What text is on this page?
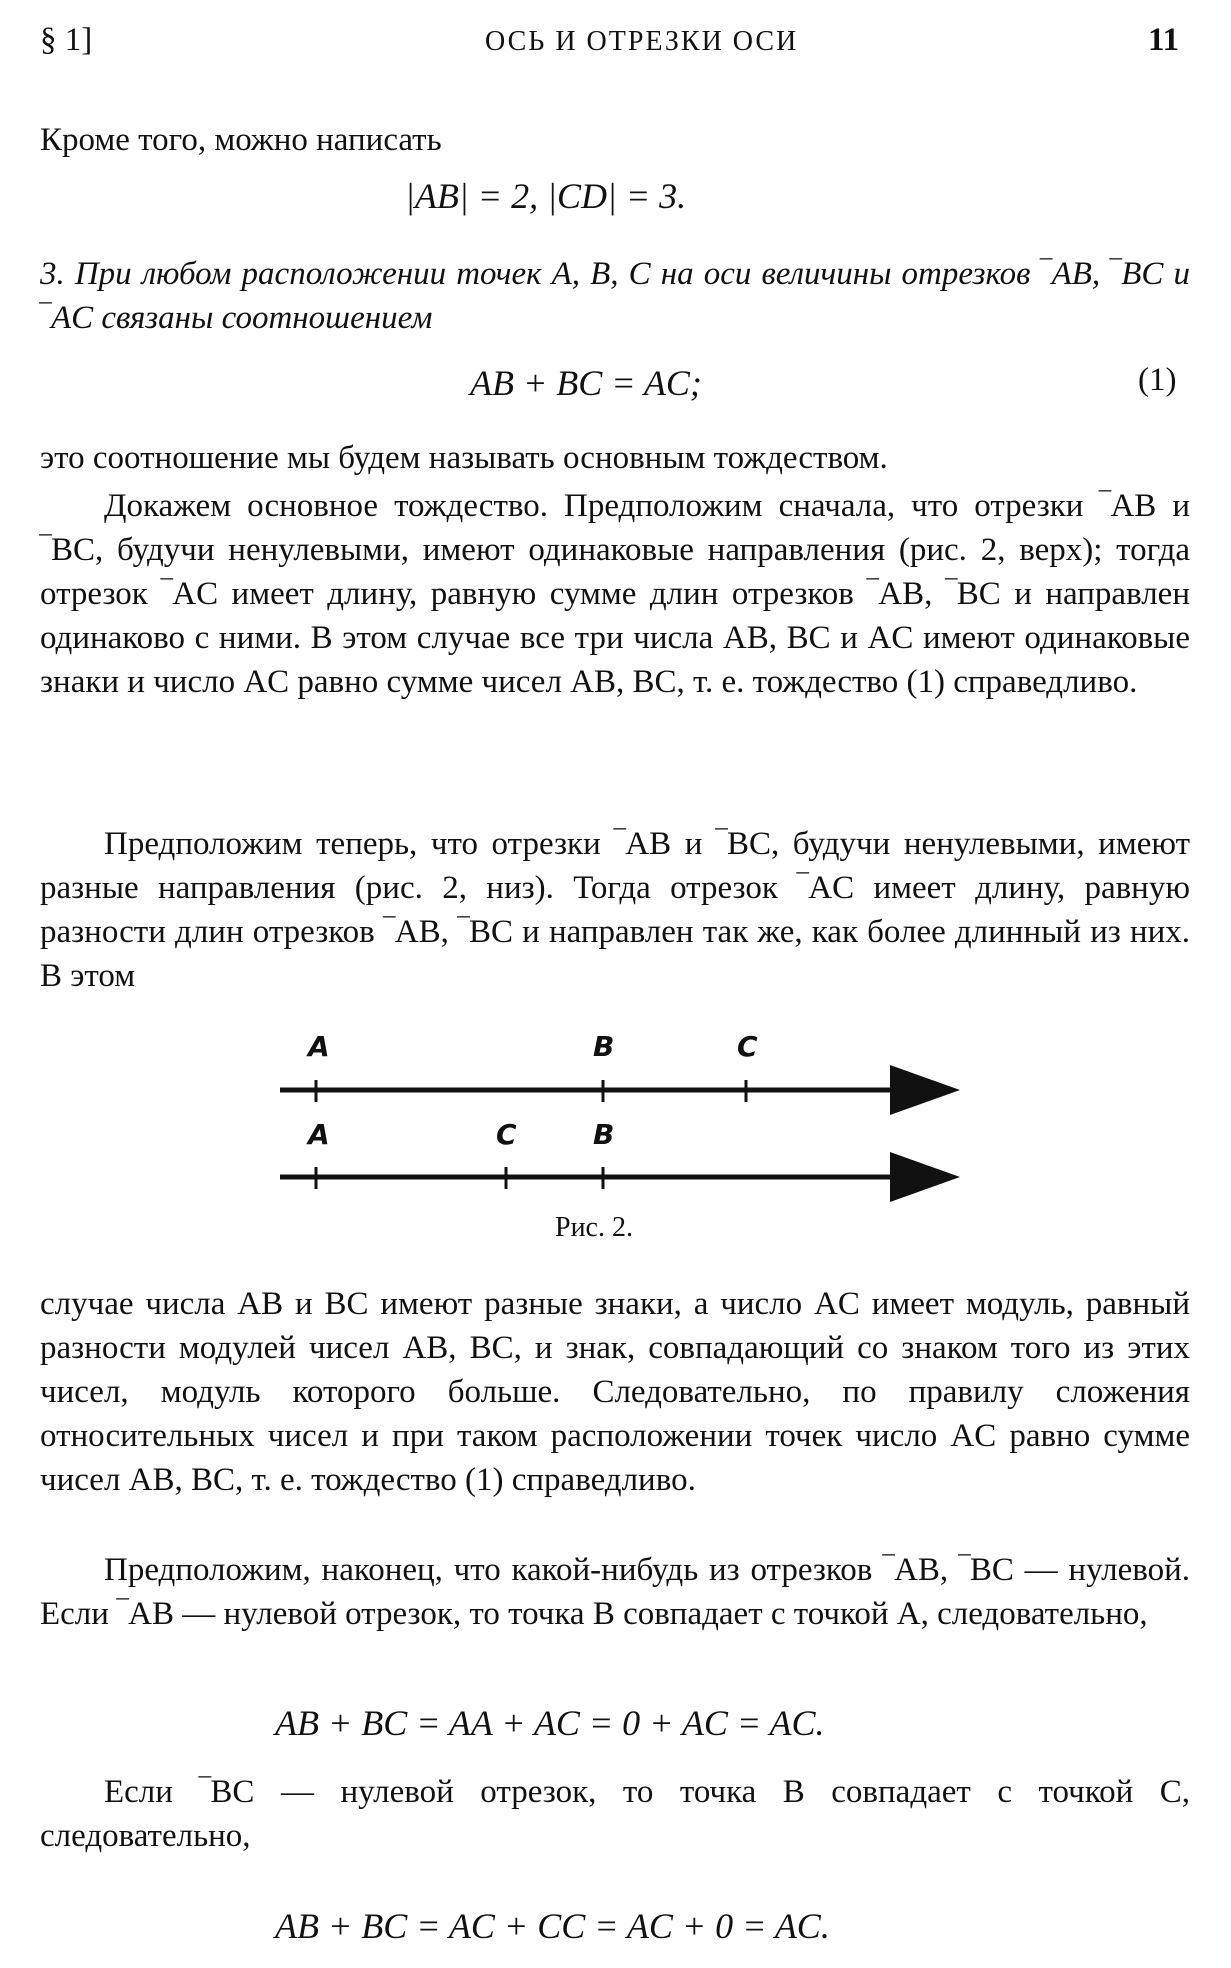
§ 1]	ОСЬ И ОТРЕЗКИ ОСИ	11

Кроме того, можно написать

|AB| = 2, |CD| = 3.

3. При любом расположении точек A, B, C на оси величины отрезков ‾AB, ‾BC и ‾AC связаны соотношением

AB + BC = AC;	(1)

это соотношение мы будем называть основным тождеством.

Докажем основное тождество. Предположим сначала, что отрезки ‾AB и ‾BC, будучи ненулевыми, имеют одинаковые направления (рис. 2, верх); тогда отрезок ‾AC имеет длину, равную сумме длин отрезков ‾AB, ‾BC и направлен одинаково с ними. В этом случае все три числа AB, BC и AC имеют одинаковые знаки и число AC равно сумме чисел AB, BC, т. е. тождество (1) справедливо.

Предположим теперь, что отрезки ‾AB и ‾BC, будучи ненулевыми, имеют разные направления (рис. 2, низ). Тогда отрезок ‾AC имеет длину, равную разности длин отрезков ‾AB, ‾BC и направлен так же, как более длинный из них. В этом

A	B	C
A	C	B
Рис. 2.

случае числа AB и BC имеют разные знаки, а число AC имеет модуль, равный разности модулей чисел AB, BC, и знак, совпадающий со знаком того из этих чисел, модуль которого больше. Следовательно, по правилу сложения относительных чисел и при таком расположении точек число AC равно сумме чисел AB, BC, т. е. тождество (1) справедливо.

Предположим, наконец, что какой-нибудь из отрезков ‾AB, ‾BC — нулевой. Если ‾AB — нулевой отрезок, то точка B совпадает с точкой A, следовательно,

AB + BC = AA + AC = 0 + AC = AC.

Если ‾BC — нулевой отрезок, то точка B совпадает с точкой C, следовательно,

AB + BC = AC + CC = AC + 0 = AC.
